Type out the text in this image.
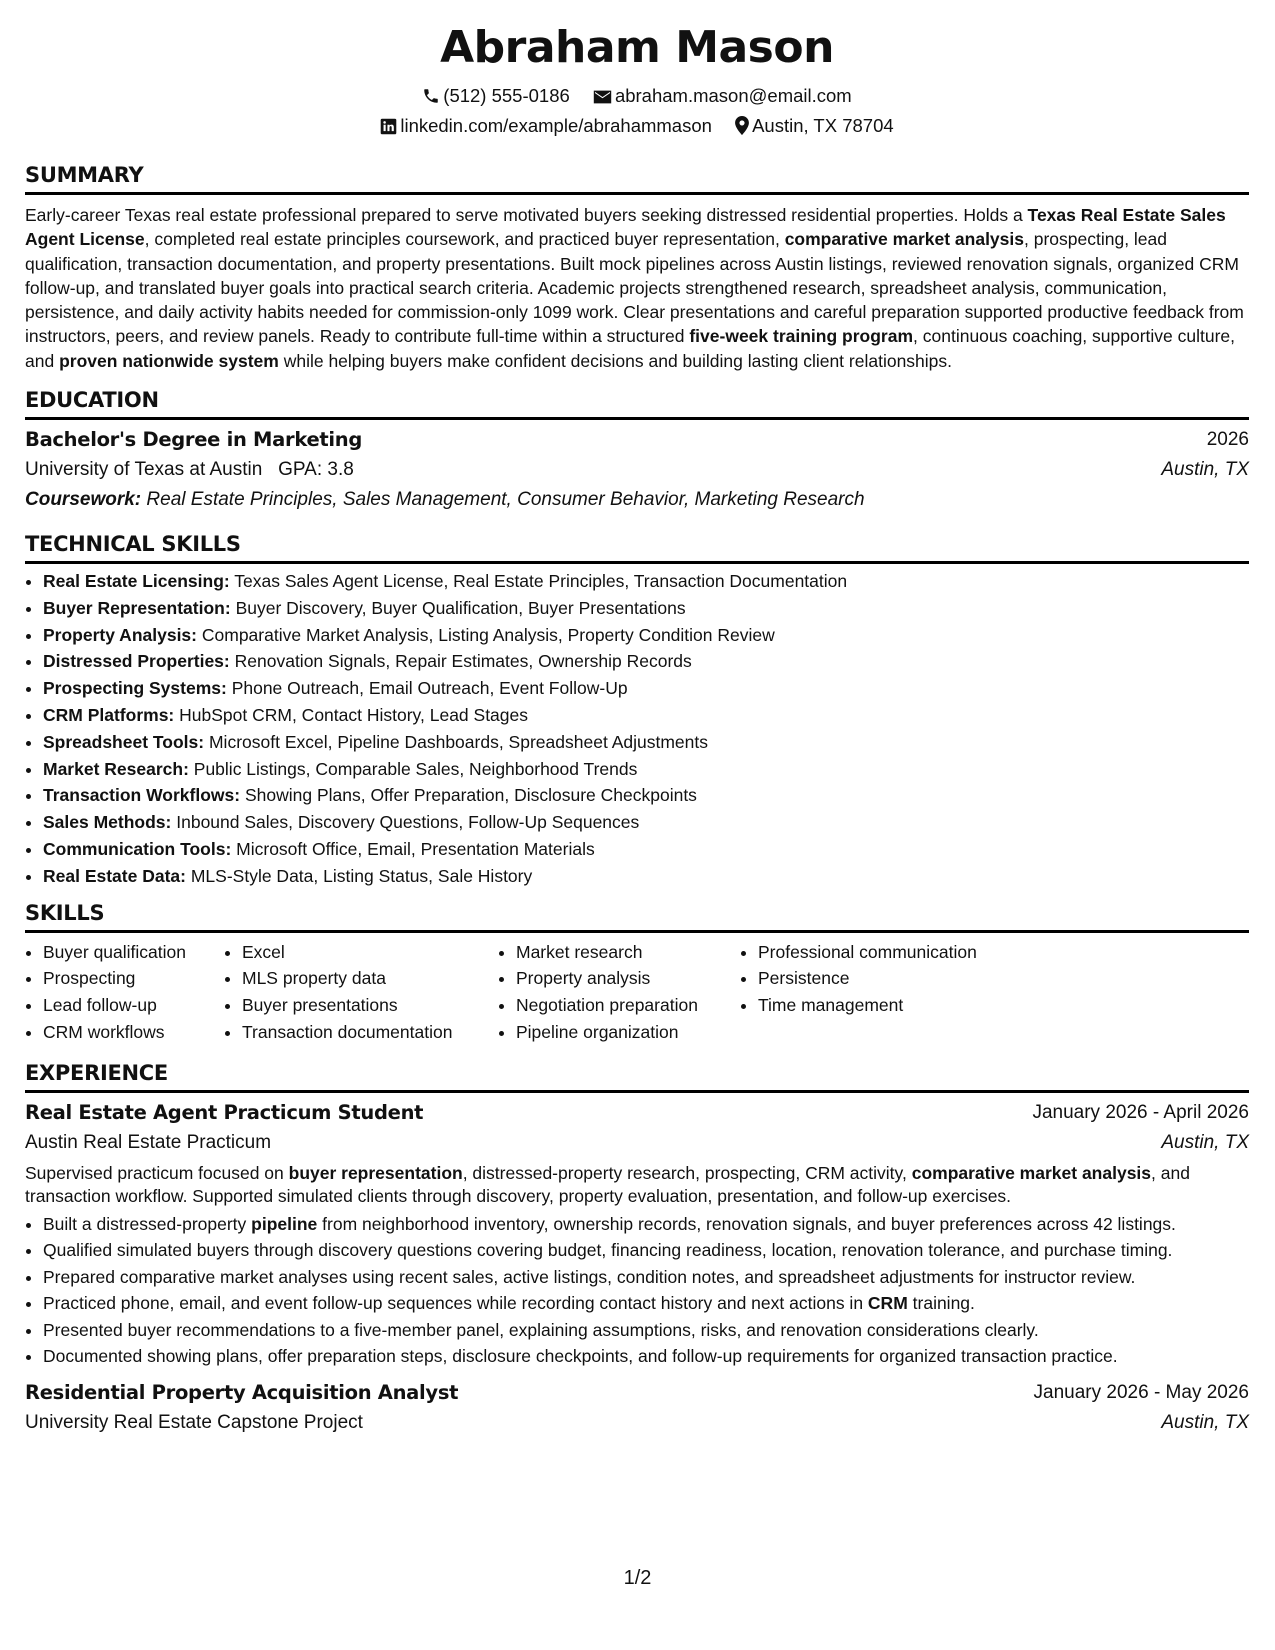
Abraham Mason
(512) 555-0186 abraham.mason@email.com
linkedin.com/example/abrahammason Austin, TX 78704
SUMMARY

Early-career Texas real estate professional prepared to serve motivated buyers seeking distressed residential properties. Holds a Texas Real Estate Sales Agent License, completed real estate principles coursework, and practiced buyer representation, comparative market analysis, prospecting, lead qualification, transaction documentation, and property presentations. Built mock pipelines across Austin listings, reviewed renovation signals, organized CRM follow-up, and translated buyer goals into practical search criteria. Academic projects strengthened research, spreadsheet analysis, communication, persistence, and daily activity habits needed for commission-only 1099 work. Clear presentations and careful preparation supported productive feedback from instructors, peers, and review panels. Ready to contribute full-time within a structured five-week training program, continuous coaching, supportive culture, and proven nationwide system while helping buyers make confident decisions and building lasting client relationships.

EDUCATION
Bachelor's Degree in Marketing	2026
University of Texas at Austin GPA: 3.8	Austin, TX
Coursework: Real Estate Principles, Sales Management, Consumer Behavior, Marketing Research
TECHNICAL SKILLS
• Real Estate Licensing: Texas Sales Agent License, Real Estate Principles, Transaction Documentation
• Buyer Representation: Buyer Discovery, Buyer Qualification, Buyer Presentations
• Property Analysis: Comparative Market Analysis, Listing Analysis, Property Condition Review
• Distressed Properties: Renovation Signals, Repair Estimates, Ownership Records
• Prospecting Systems: Phone Outreach, Email Outreach, Event Follow-Up
• CRM Platforms: HubSpot CRM, Contact History, Lead Stages
• Spreadsheet Tools: Microsoft Excel, Pipeline Dashboards, Spreadsheet Adjustments
• Market Research: Public Listings, Comparable Sales, Neighborhood Trends
• Transaction Workflows: Showing Plans, Offer Preparation, Disclosure Checkpoints
• Sales Methods: Inbound Sales, Discovery Questions, Follow-Up Sequences
• Communication Tools: Microsoft Office, Email, Presentation Materials
• Real Estate Data: MLS-Style Data, Listing Status, Sale History
SKILLS
• Buyer qualification
• Prospecting
• Lead follow-up
• CRM workflows
• Excel
• MLS property data
• Buyer presentations
• Transaction documentation
• Market research
• Property analysis
• Negotiation preparation
• Pipeline organization
• Professional communication
• Persistence
• Time management
EXPERIENCE
Real Estate Agent Practicum Student	January 2026 - April 2026
Austin Real Estate Practicum	Austin, TX

Supervised practicum focused on buyer representation, distressed-property research, prospecting, CRM activity, comparative market analysis, and transaction workflow. Supported simulated clients through discovery, property evaluation, presentation, and follow-up exercises.

• Built a distressed-property pipeline from neighborhood inventory, ownership records, renovation signals, and buyer preferences across 42 listings.
• Qualified simulated buyers through discovery questions covering budget, financing readiness, location, renovation tolerance, and purchase timing.
• Prepared comparative market analyses using recent sales, active listings, condition notes, and spreadsheet adjustments for instructor review.
• Practiced phone, email, and event follow-up sequences while recording contact history and next actions in CRM training.
• Presented buyer recommendations to a five-member panel, explaining assumptions, risks, and renovation considerations clearly.
• Documented showing plans, offer preparation steps, disclosure checkpoints, and follow-up requirements for organized transaction practice.
Residential Property Acquisition Analyst	January 2026 - May 2026
University Real Estate Capstone Project	Austin, TX
1/2
